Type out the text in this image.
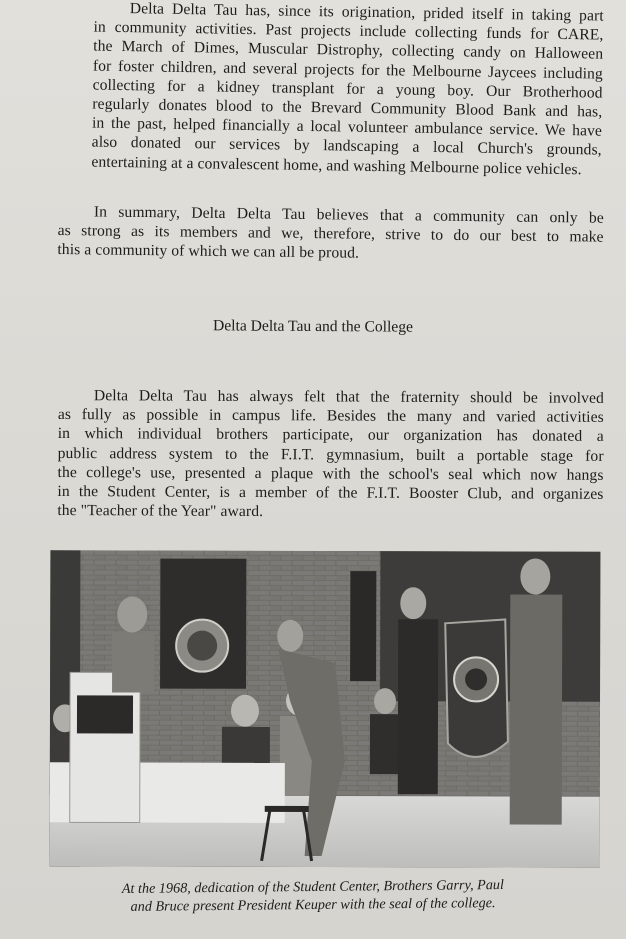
Delta Delta Tau has, since its origination, prided itself in taking part
in community activities. Past projects include collecting funds for CARE,
the March of Dimes, Muscular Distrophy, collecting candy on Halloween
for foster children, and several projects for the Melbourne Jaycees including
collecting for a kidney transplant for a young boy. Our Brotherhood
regularly donates blood to the Brevard Community Blood Bank and has,
in the past, helped financially a local volunteer ambulance service. We have
also donated our services by landscaping a local Church's grounds,
entertaining at a convalescent home, and washing Melbourne police vehicles.
In summary, Delta Delta Tau believes that a community can only be
as strong as its members and we, therefore, strive to do our best to make
this a community of which we can all be proud.
Delta Delta Tau and the College
Delta Delta Tau has always felt that the fraternity should be involved
as fully as possible in campus life. Besides the many and varied activities
in which individual brothers participate, our organization has donated a
public address system to the F.I.T. gymnasium, built a portable stage for
the college's use, presented a plaque with the school's seal which now hangs
in the Student Center, is a member of the F.I.T. Booster Club, and organizes
the "Teacher of the Year" award.
At the 1968, dedication of the Student Center, Brothers Garry, Paul
and Bruce present President Keuper with the seal of the college.
